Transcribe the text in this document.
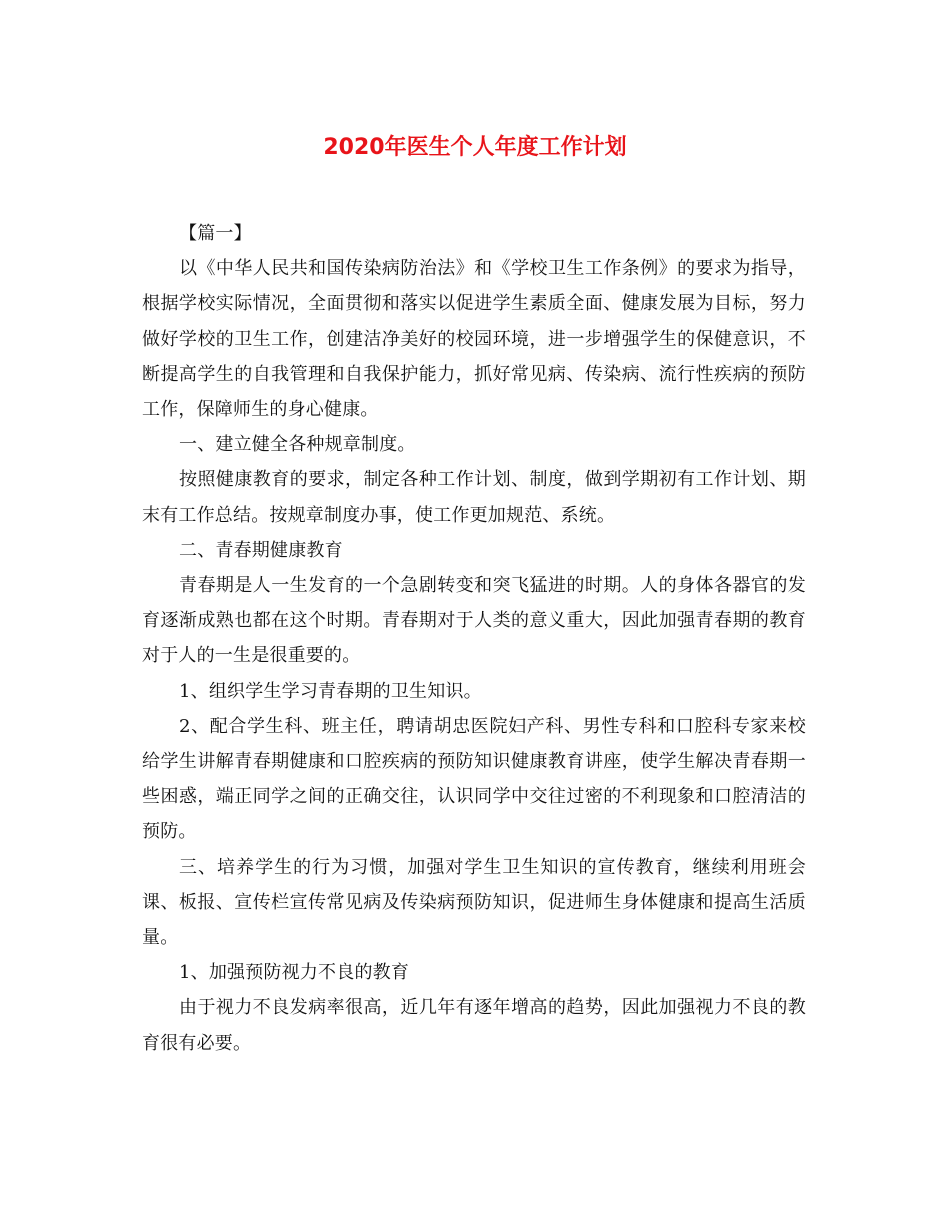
2020年医生个人年度工作计划

【篇一】

以《中华人民共和国传染病防治法》和《学校卫生工作条例》的要求为指导，根据学校实际情况，全面贯彻和落实以促进学生素质全面、健康发展为目标，努力做好学校的卫生工作，创建洁净美好的校园环境，进一步增强学生的保健意识，不断提高学生的自我管理和自我保护能力，抓好常见病、传染病、流行性疾病的预防工作，保障师生的身心健康。

一、建立健全各种规章制度。

按照健康教育的要求，制定各种工作计划、制度，做到学期初有工作计划、期末有工作总结。按规章制度办事，使工作更加规范、系统。

二、青春期健康教育

青春期是人一生发育的一个急剧转变和突飞猛进的时期。人的身体各器官的发育逐渐成熟也都在这个时期。青春期对于人类的意义重大，因此加强青春期的教育对于人的一生是很重要的。

1、组织学生学习青春期的卫生知识。

2、配合学生科、班主任，聘请胡忠医院妇产科、男性专科和口腔科专家来校给学生讲解青春期健康和口腔疾病的预防知识健康教育讲座，使学生解决青春期一些困惑，端正同学之间的正确交往，认识同学中交往过密的不利现象和口腔清洁的预防。

三、培养学生的行为习惯，加强对学生卫生知识的宣传教育，继续利用班会课、板报、宣传栏宣传常见病及传染病预防知识，促进师生身体健康和提高生活质量。

1、加强预防视力不良的教育

由于视力不良发病率很高，近几年有逐年增高的趋势，因此加强视力不良的教育很有必要。
